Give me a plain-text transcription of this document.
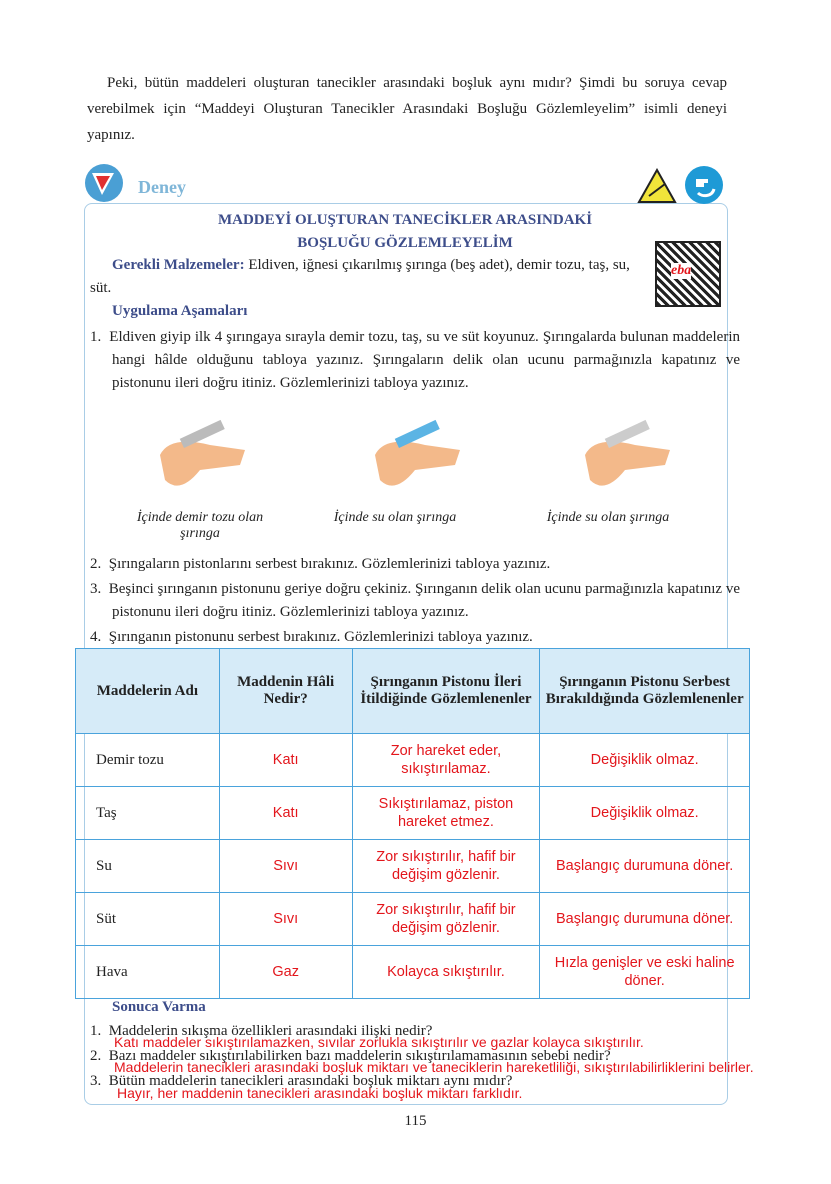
Peki, bütün maddeleri oluşturan tanecikler arasındaki boşluk aynı mıdır? Şimdi bu soruya cevap verebilmek için “Maddeyi Oluşturan Tanecikler Arasındaki Boşluğu Gözlemleyelim” isimli deneyi yapınız.
Deney
MADDEYİ OLUŞTURAN TANECİKLER ARASINDAKİ
BOŞLUĞU GÖZLEMLEYELİM
Gerekli Malzemeler: Eldiven, iğnesi çıkarılmış şırınga (beş adet), demir tozu, taş, su, süt.
eba
Uygulama Aşamaları
1.  Eldiven giyip ilk 4 şırıngaya sırayla demir tozu, taş, su ve süt koyunuz. Şırıngalarda bulunan maddelerin hangi hâlde olduğunu tabloya yazınız. Şırıngaların delik olan ucunu parmağınızla kapatınız ve pistonunu ileri doğru itiniz. Gözlemlerinizi tabloya yazınız.
İçinde demir tozu olan şırınga
İçinde su olan şırınga	İçinde su olan şırınga
2.  Şırıngaların pistonlarını serbest bırakınız. Gözlemlerinizi tabloya yazınız.
3.  Beşinci şırınganın pistonunu geriye doğru çekiniz. Şırınganın delik olan ucunu parmağınızla kapatınız ve pistonunu ileri doğru itiniz. Gözlemlerinizi tabloya yazınız.
4.  Şırınganın pistonunu serbest bırakınız. Gözlemlerinizi tabloya yazınız.
Maddelerin Adı	Maddenin Hâli Nedir?	Şırınganın Pistonu İleri İtildiğinde Gözlemlenenler	Şırınganın Pistonu Serbest Bırakıldığında Gözlemlenenler
Demir tozu	Katı	Zor hareket eder, sıkıştırılamaz.	Değişiklik olmaz.
Taş	Katı	Sıkıştırılamaz, piston hareket etmez.	Değişiklik olmaz.
Su	Sıvı	Zor sıkıştırılır, hafif bir değişim gözlenir.	Başlangıç durumuna döner.
Süt	Sıvı	Zor sıkıştırılır, hafif bir değişim gözlenir.	Başlangıç durumuna döner.
Hava	Gaz	Kolayca sıkıştırılır.	Hızla genişler ve eski haline döner.
Sonuca Varma
1.  Maddelerin sıkışma özellikleri arasındaki ilişki nedir?
Katı maddeler sıkıştırılamazken, sıvılar zorlukla sıkıştırılır ve gazlar kolayca sıkıştırılır.
2.  Bazı maddeler sıkıştırılabilirken bazı maddelerin sıkıştırılamamasının sebebi nedir?
Maddelerin tanecikleri arasındaki boşluk miktarı ve taneciklerin hareketliliği, sıkıştırılabilirliklerini belirler.
3.  Bütün maddelerin tanecikleri arasındaki boşluk miktarı aynı mıdır?
Hayır, her maddenin tanecikleri arasındaki boşluk miktarı farklıdır.
115
